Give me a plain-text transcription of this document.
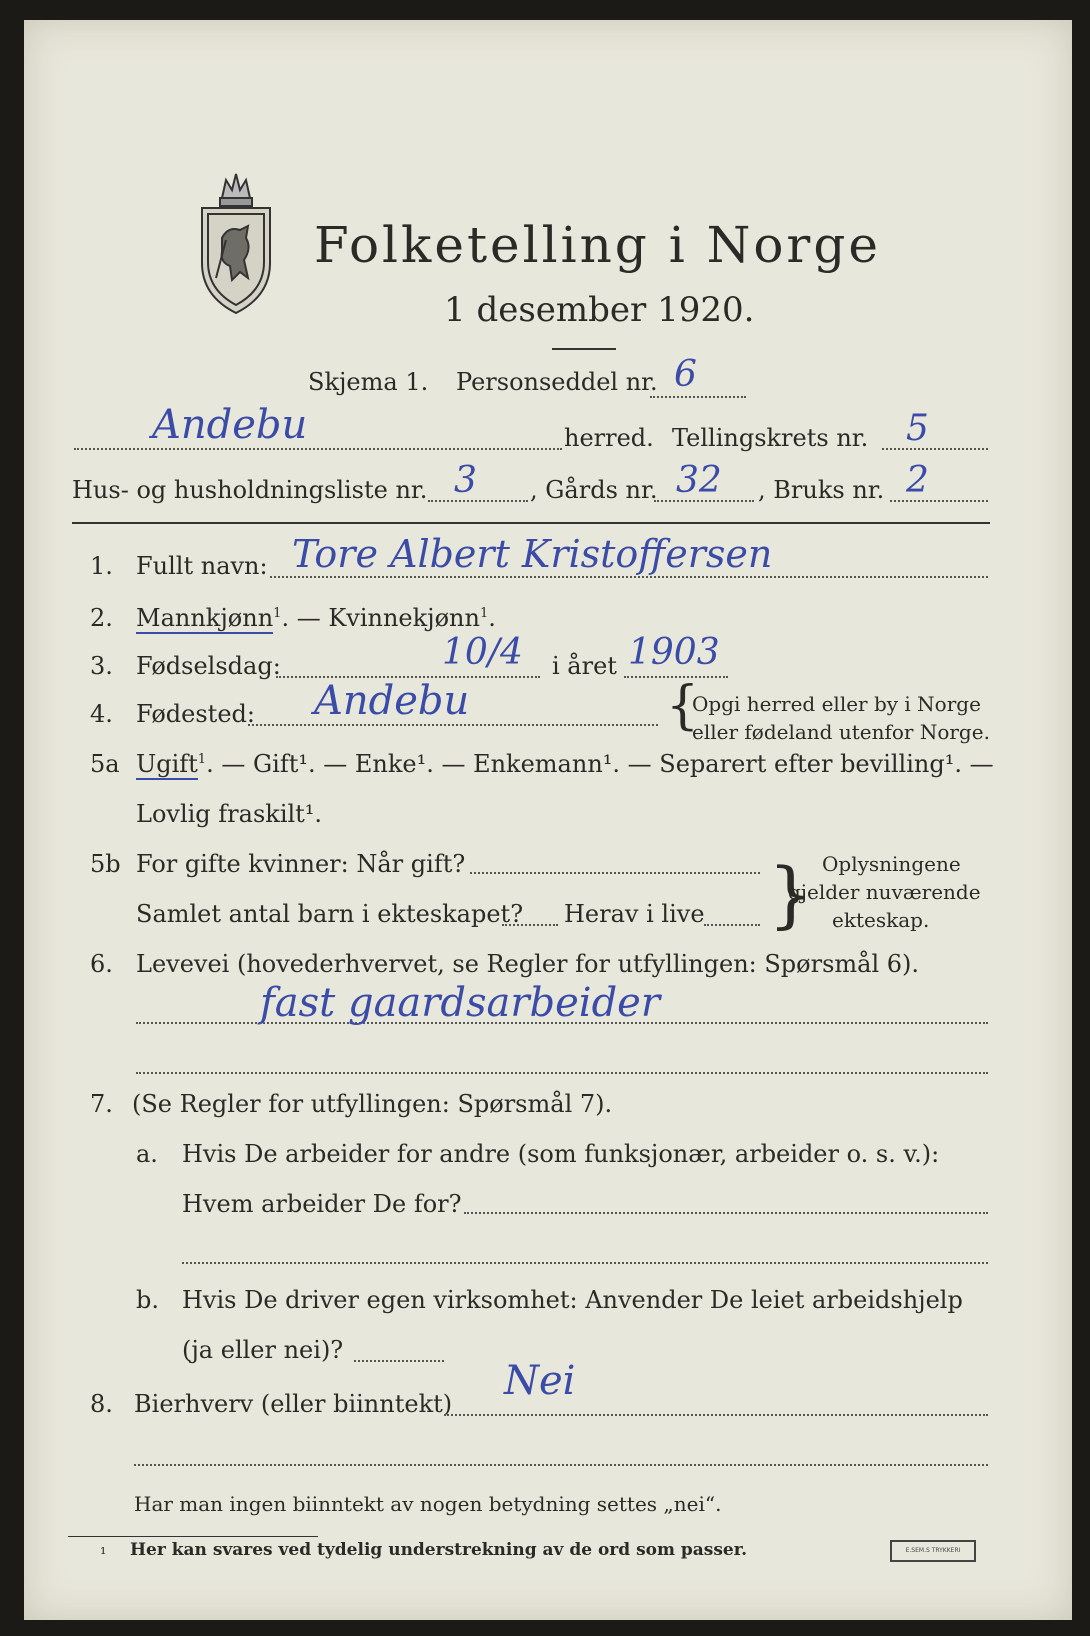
Folketelling i Norge
1 desember 1920.
Skjema 1. Personseddel nr. 6
Andebu	herred. Tellingskrets nr. 5
Hus- og husholdningsliste nr. 3 , Gårds nr. 32 , Bruks nr. 2
1. Fullt navn: Tore Albert Kristoffersen
2. Mannkjønn$^1$. — Kvinnekjønn$^1$.
3. Fødselsdag:	10/4 i året 1903
4. Fødested: Andebu	{
Opgi herred eller by i Norge
eller fødeland utenfor Norge.
5a Ugift$^1$. — Gift¹. — Enke¹. — Enkemann¹. — Separert efter bevilling¹. —
Lovlig fraskilt¹.
5b For gifte kvinner: Når gift?
Samlet antal barn i ekteskapet? Herav i live } Oplysningene
gjelder nuværende
ekteskap.
6. Levevei (hovederhvervet, se Regler for utfyllingen: Spørsmål 6).
fast gaardsarbeider
7. (Se Regler for utfyllingen: Spørsmål 7).
a. Hvis De arbeider for andre (som funksjonær, arbeider o. s. v.):
Hvem arbeider De for?
b. Hvis De driver egen virksomhet: Anvender De leiet arbeidshjelp
(ja eller nei)?
8. Bierhverv (eller biinntekt) Nei
Har man ingen biinntekt av nogen betydning settes „nei“.
¹ Her kan svares ved tydelig understrekning av de ord som passer.	E.SEM.S TRYKKERI
